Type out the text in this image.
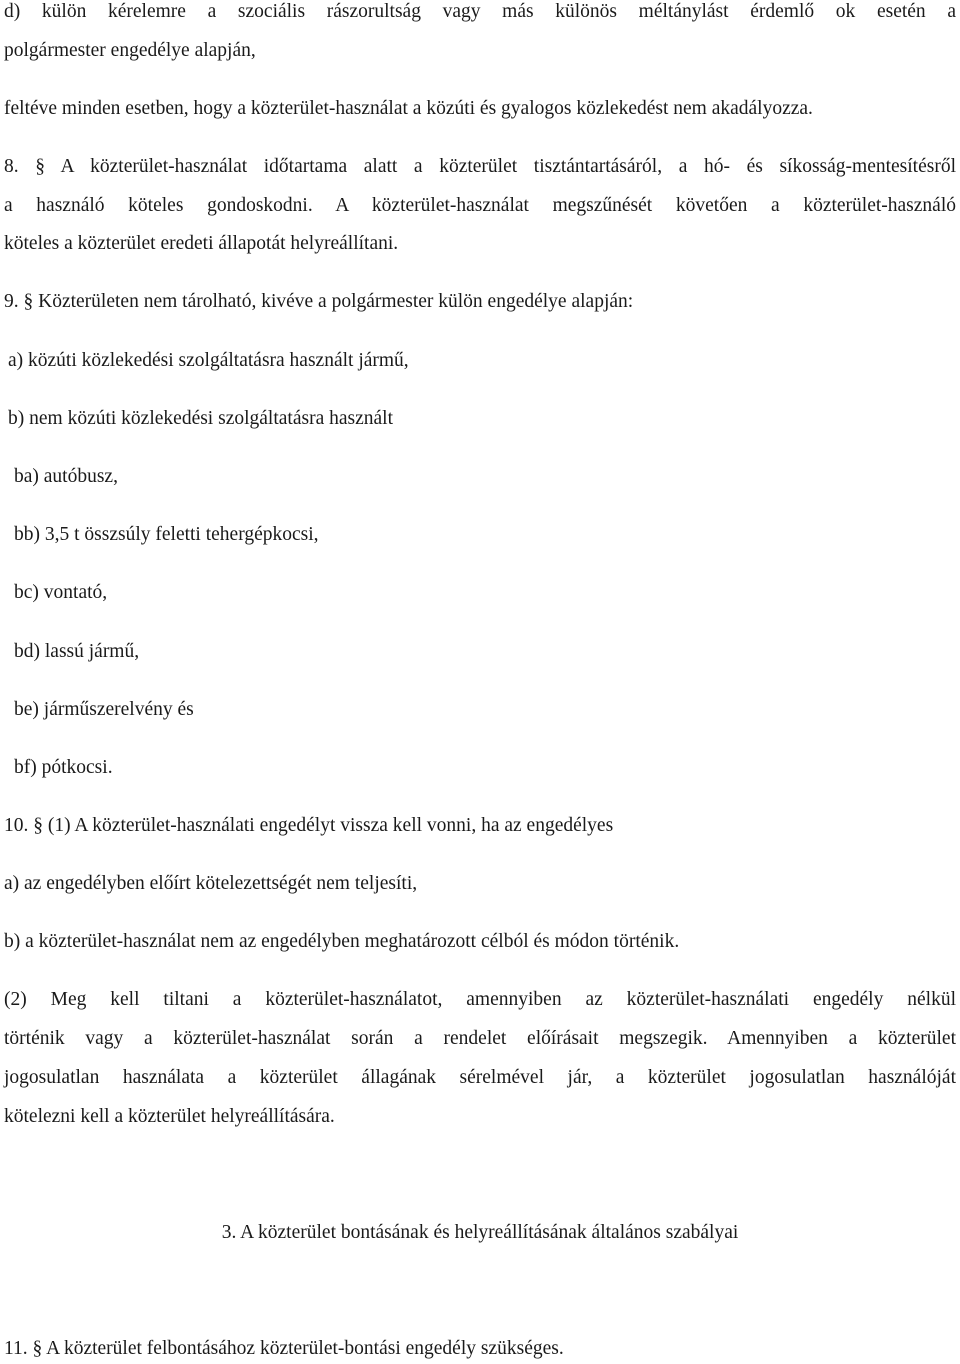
d) külön kérelemre a szociális rászorultság vagy más különös méltánylást érdemlő ok esetén a
polgármester engedélye alapján,
feltéve minden esetben, hogy a közterület-használat a közúti és gyalogos közlekedést nem akadályozza.
8. § A közterület-használat időtartama alatt a közterület tisztántartásáról, a hó- és síkosság-mentesítésről
a használó köteles gondoskodni. A közterület-használat megszűnését követően a közterület-használó
köteles a közterület eredeti állapotát helyreállítani.
9. § Közterületen nem tárolható, kivéve a polgármester külön engedélye alapján:
a) közúti közlekedési szolgáltatásra használt jármű,
b) nem közúti közlekedési szolgáltatásra használt
ba) autóbusz,
bb) 3,5 t összsúly feletti tehergépkocsi,
bc) vontató,
bd) lassú jármű,
be) járműszerelvény és
bf) pótkocsi.
10. § (1) A közterület-használati engedélyt vissza kell vonni, ha az engedélyes
a) az engedélyben előírt kötelezettségét nem teljesíti,
b) a közterület-használat nem az engedélyben meghatározott célból és módon történik.
(2) Meg kell tiltani a közterület-használatot, amennyiben az közterület-használati engedély nélkül
történik vagy a közterület-használat során a rendelet előírásait megszegik. Amennyiben a közterület
jogosulatlan használata a közterület állagának sérelmével jár, a közterület jogosulatlan használóját
kötelezni kell a közterület helyreállítására.
3. A közterület bontásának és helyreállításának általános szabályai
11. § A közterület felbontásához közterület-bontási engedély szükséges.
